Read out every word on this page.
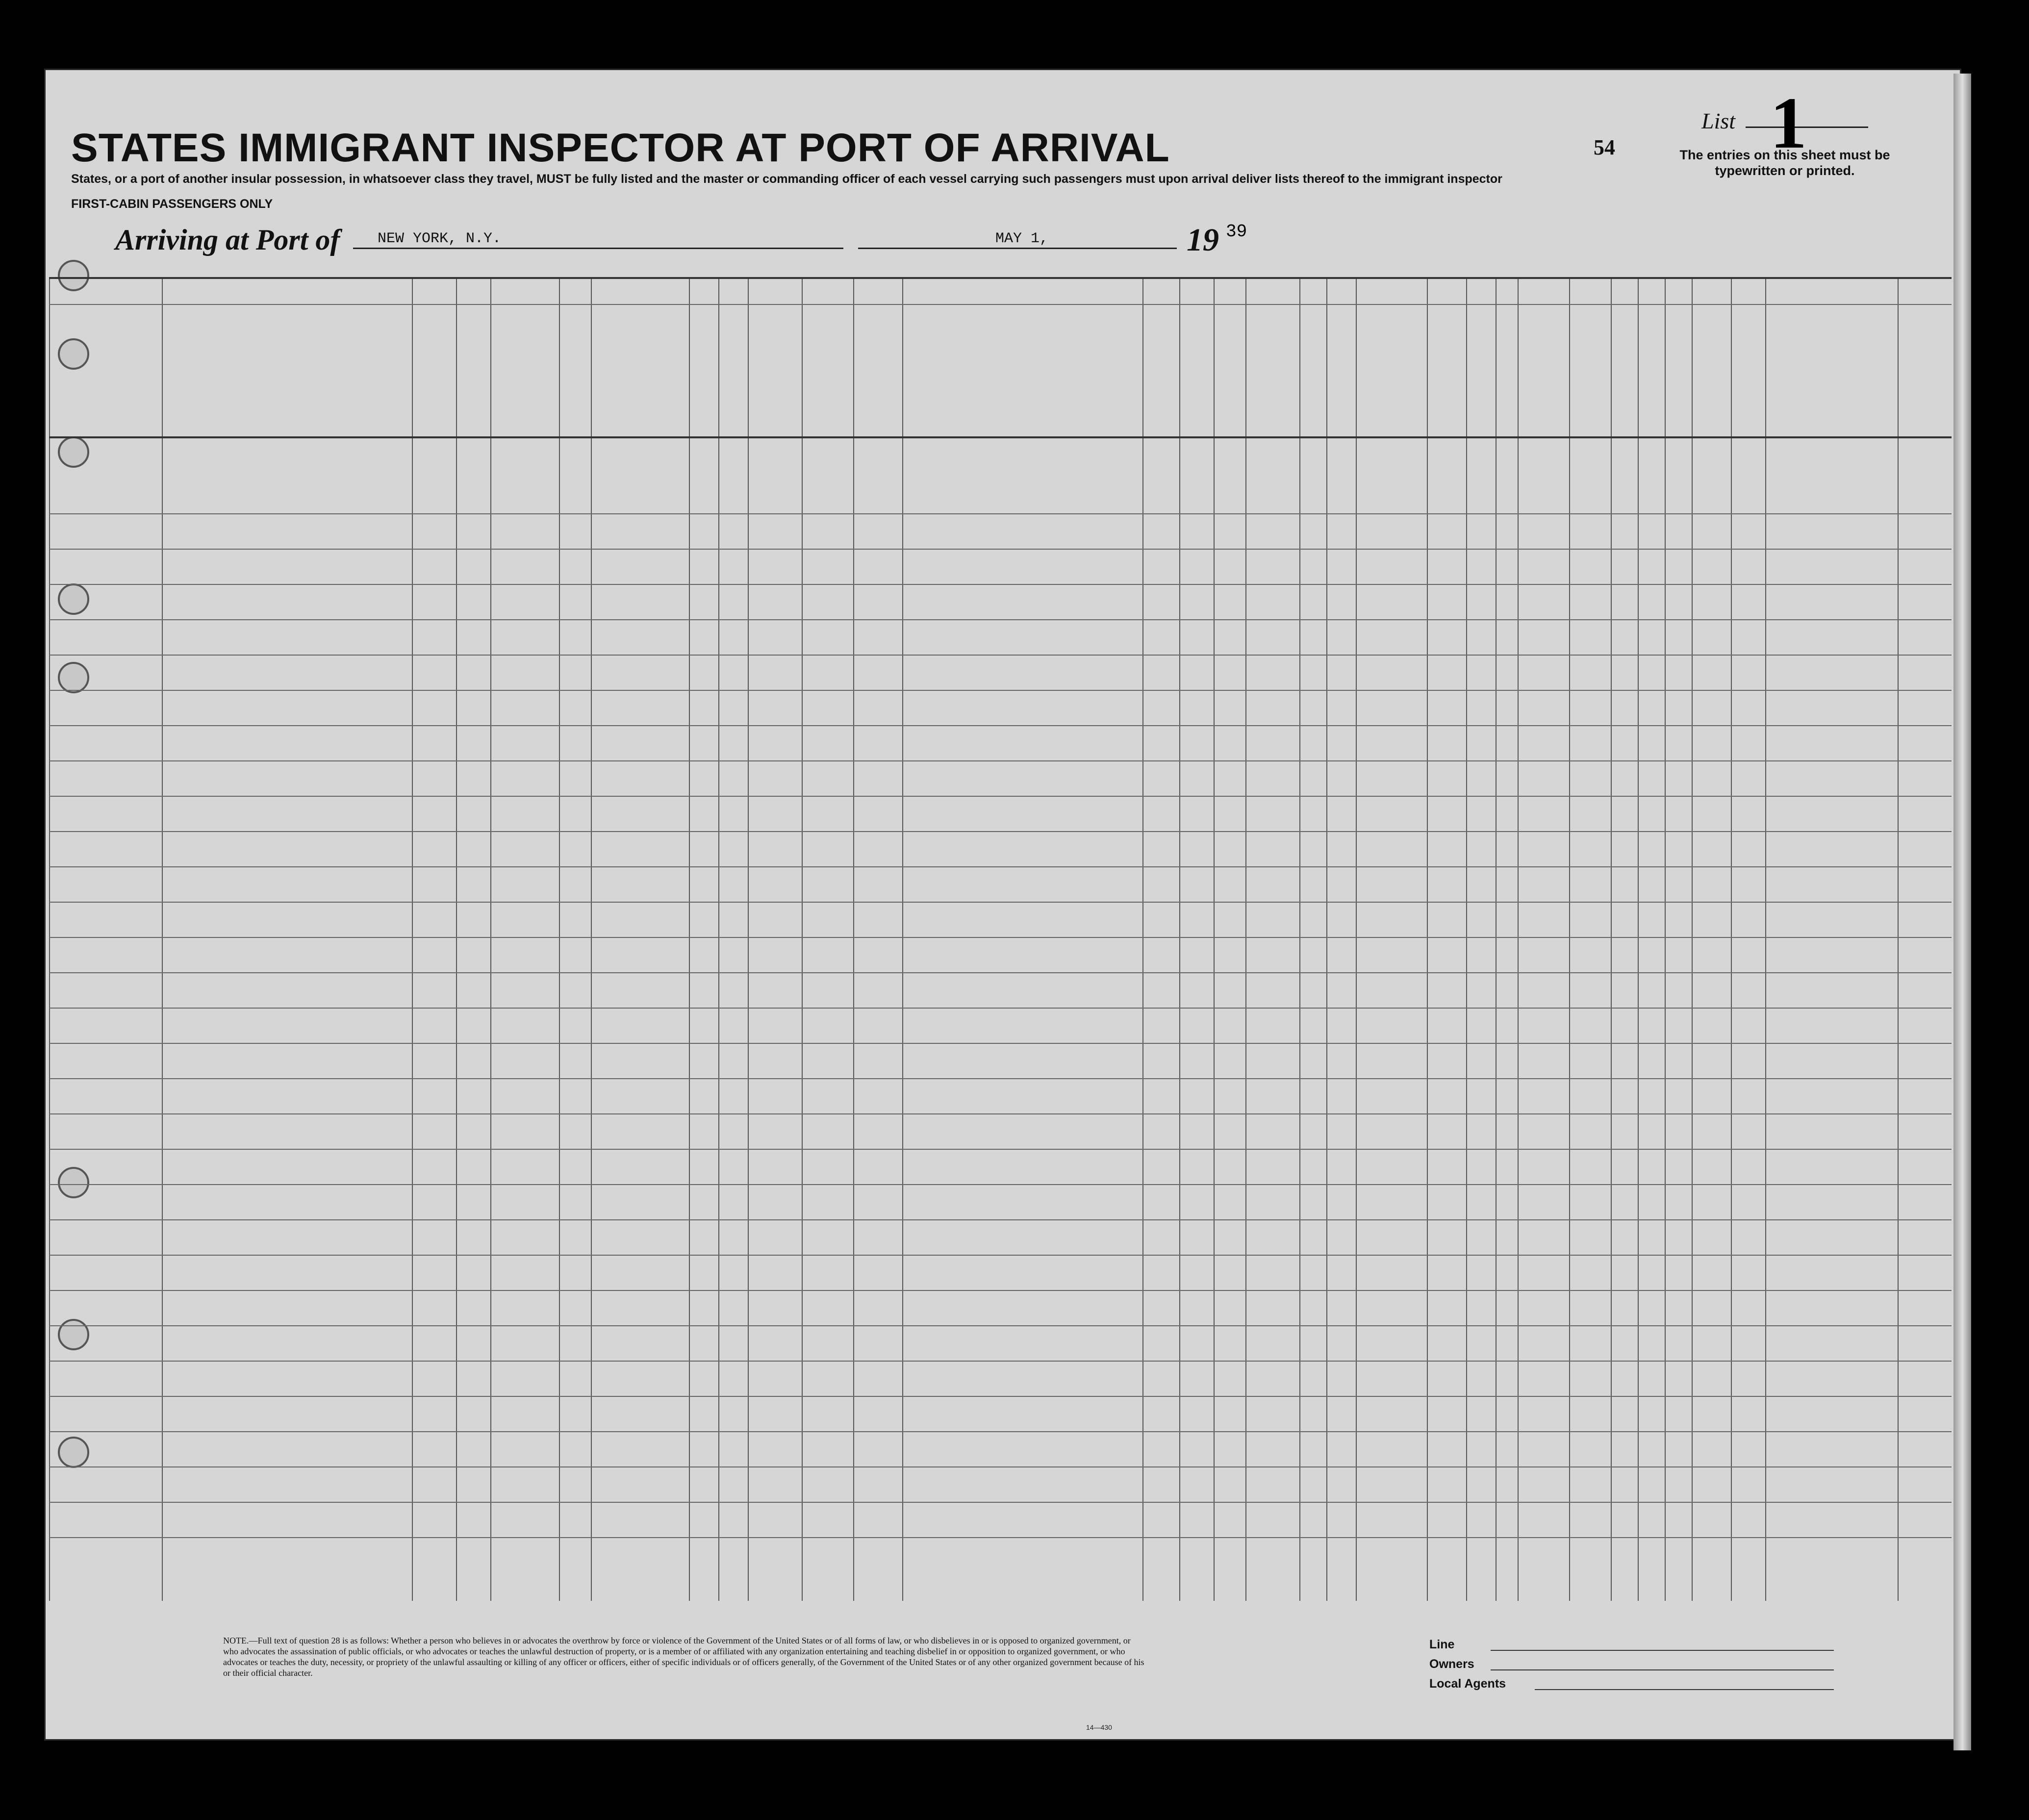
STATES IMMIGRANT INSPECTOR AT PORT OF ARRIVAL
States, or a port of another insular possession, in whatsoever class they travel, MUST be fully listed and the master or commanding officer of each vessel carrying such passengers must upon arrival deliver lists thereof to the immigrant inspector
FIRST-CABIN PASSENGERS ONLY
54
List 1
The entries on this sheet must be typewritten or printed.
Arriving at Port of	NEW YORK, N.Y.	MAY 1,	19 39
NOTE.—Full text of question 28 is as follows: Whether a person who believes in or advocates the overthrow by force or violence of the Government of the United States or of all forms of law, or who disbelieves in or is opposed to organized government, or who advocates the assassination of public officials, or who advocates or teaches the unlawful destruction of property, or is a member of or affiliated with any organization entertaining and teaching disbelief in or opposition to organized government, or who advocates or teaches the duty, necessity, or propriety of the unlawful assaulting or killing of any officer or officers, either of specific individuals or of officers generally, of the Government of the United States or of any other organized government because of his or their official character.
14—430
Line
Owners
Local Agents
